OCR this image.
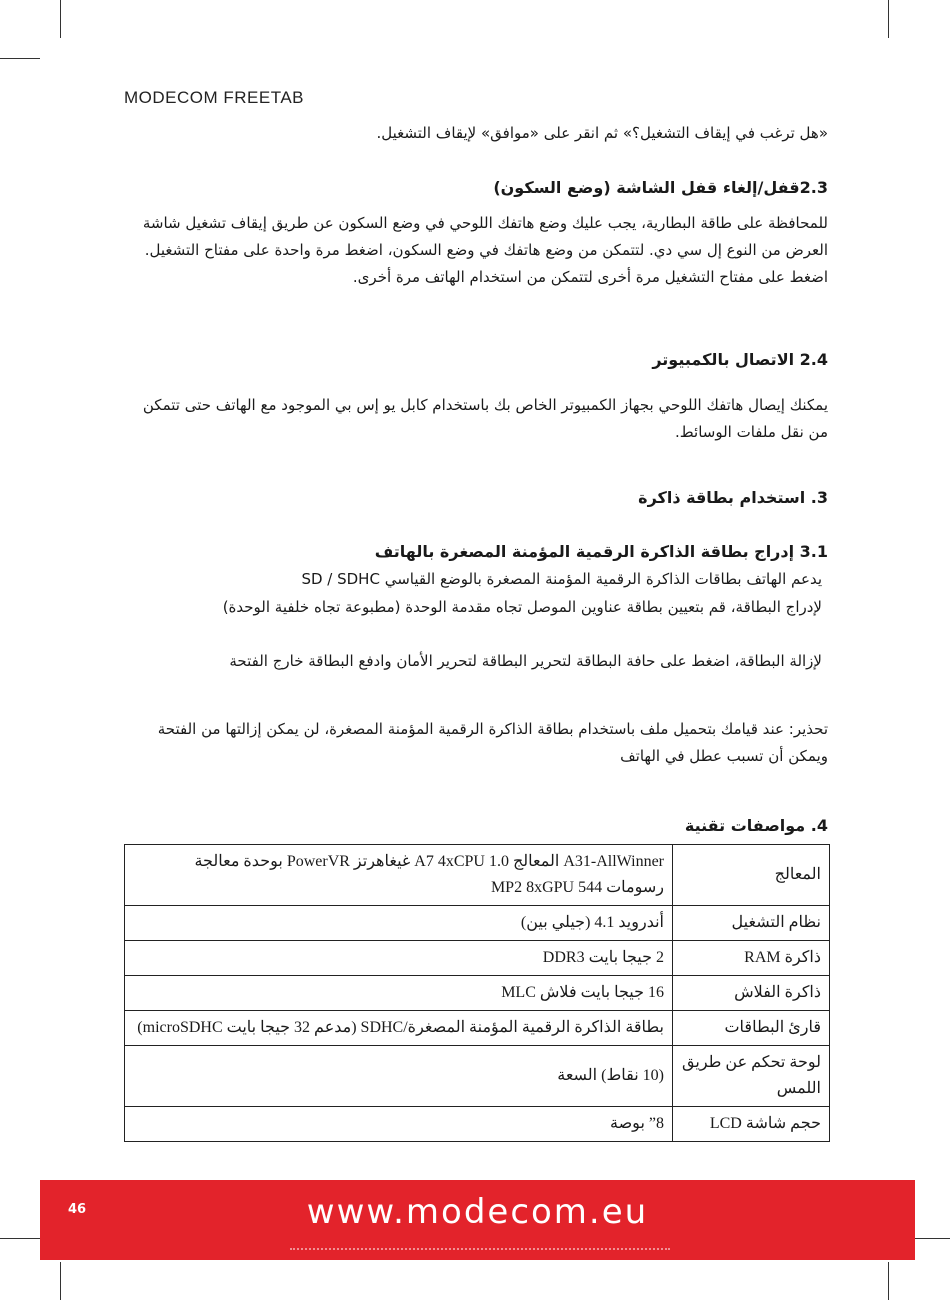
MODECOM FREETAB
«هل ترغب في إيقاف التشغيل؟» ثم انقر على «موافق» لإيقاف التشغيل.
2.3قفل/إلغاء قفل الشاشة (وضع السكون)
للمحافظة على طاقة البطارية، يجب عليك وضع هاتفك اللوحي في وضع السكون عن طريق إيقاف تشغيل شاشة العرض من النوع إل سي دي. لتتمكن من وضع هاتفك في وضع السكون، اضغط مرة واحدة على مفتاح التشغيل. اضغط على مفتاح التشغيل مرة أخرى لتتمكن من استخدام الهاتف مرة أخرى.
2.4 الاتصال بالكمبيوتر
يمكنك إيصال هاتفك اللوحي بجهاز الكمبيوتر الخاص بك باستخدام كابل يو إس بي الموجود مع الهاتف حتى تتمكن من نقل ملفات الوسائط.
3. استخدام بطاقة ذاكرة
3.1 إدراج بطاقة الذاكرة الرقمية المؤمنة المصغرة بالهاتف
يدعم الهاتف بطاقات الذاكرة الرقمية المؤمنة المصغرة بالوضع القياسي SD / SDHC
لإدراج البطاقة، قم بتعيين بطاقة عناوين الموصل تجاه مقدمة الوحدة (مطبوعة تجاه خلفية الوحدة)
لإزالة البطاقة، اضغط على حافة البطاقة لتحرير البطاقة لتحرير الأمان وادفع البطاقة خارج الفتحة
تحذير: عند قيامك بتحميل ملف باستخدام بطاقة الذاكرة الرقمية المؤمنة المصغرة، لن يمكن إزالتها من الفتحة ويمكن أن تسبب عطل في الهاتف
4. مواصفات تقنية
المعالج	A31-AllWinner المعالج A7 4xCPU 1.0 غيغاهرتز PowerVR بوحدة معالجة رسومات 544 MP2 8xGPU
نظام التشغيل	أندرويد 4.1 (جيلي بين)
ذاكرة RAM	2 جيجا بايت DDR3
ذاكرة الفلاش	16 جيجا بايت فلاش MLC
قارئ البطاقات	بطاقة الذاكرة الرقمية المؤمنة المصغرة/SDHC (مدعم 32 جيجا بايت microSDHC)
لوحة تحكم عن طريق اللمس	(10 نقاط) السعة
حجم شاشة LCD	8” بوصة
46	www.modecom.eu
